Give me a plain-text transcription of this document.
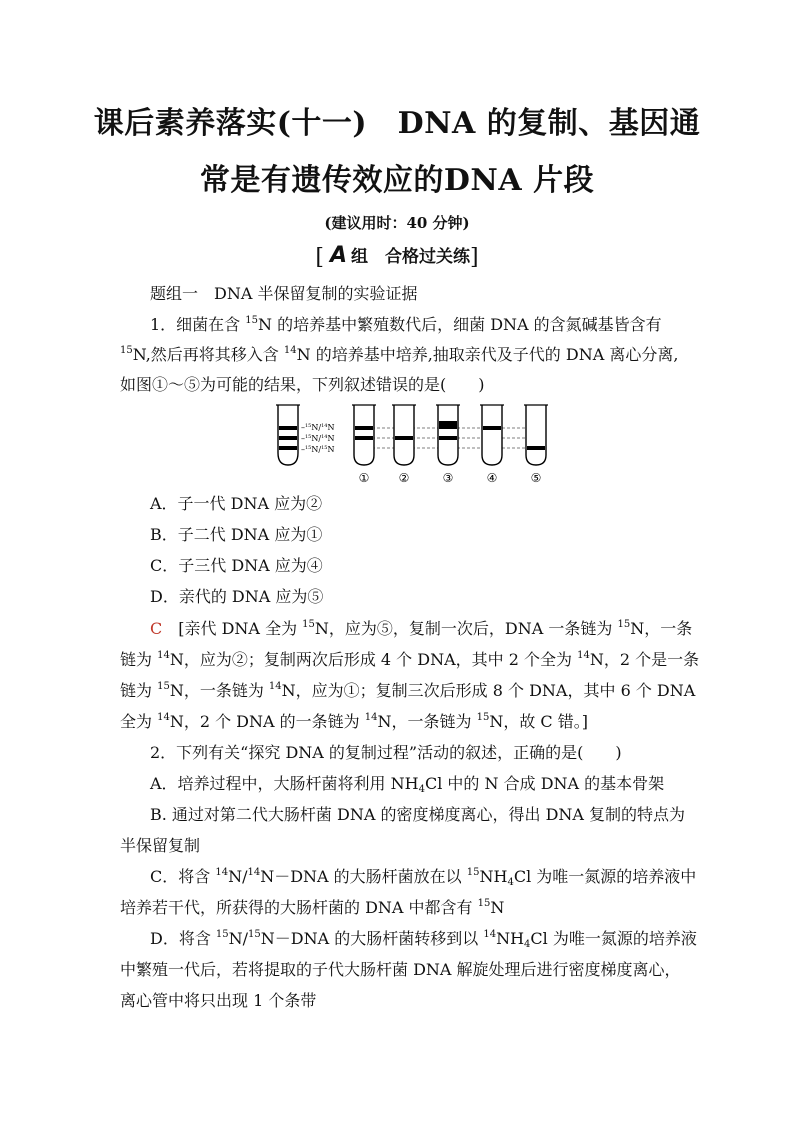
课后素养落实(十一)　DNA 的复制、基因通
常是有遗传效应的DNA 片段
(建议用时：40 分钟)
[ A 组　合格过关练]
题组一　DNA 半保留复制的实验证据
1．细菌在含 $^{15}$N 的培养基中繁殖数代后，细菌 DNA 的含氮碱基皆含有
$^{15}$N,然后再将其移入含 $^{14}$N 的培养基中培养,抽取亲代及子代的 DNA 离心分离,
如图①～⑤为可能的结果，下列叙述错误的是(　　)
–$^{15}$N/$^{14}$N
–$^{15}$N/$^{14}$N
–$^{15}$N/$^{15}$N
① ②	③	④	⑤
A．子一代 DNA 应为②
B．子二代 DNA 应为①
C．子三代 DNA 应为④
D．亲代的 DNA 应为⑤
C　 [亲代 DNA 全为 $^{15}$N，应为⑤，复制一次后，DNA 一条链为 $^{15}$N，一条
链为 $^{14}$N，应为②；复制两次后形成 4 个 DNA，其中 2 个全为 $^{14}$N，2 个是一条
链为 $^{15}$N，一条链为 $^{14}$N，应为①；复制三次后形成 8 个 DNA，其中 6 个 DNA
全为 $^{14}$N，2 个 DNA 的一条链为 $^{14}$N，一条链为 $^{15}$N，故 C 错。]
2．下列有关“探究 DNA 的复制过程”活动的叙述，正确的是(　　)
A．培养过程中，大肠杆菌将利用 $NH_4Cl$ 中的 N 合成 DNA 的基本骨架
B. 通过对第二代大肠杆菌 DNA 的密度梯度离心，得出 DNA 复制的特点为
半保留复制
C．将含 $^{14}$N/$^{14}$N－DNA 的大肠杆菌放在以 $^{15}NH_4Cl$ 为唯一氮源的培养液中
培养若干代，所获得的大肠杆菌的 DNA 中都含有 $^{15}$N
D．将含 $^{15}$N/$^{15}$N－DNA 的大肠杆菌转移到以 $^{14}NH_4Cl$ 为唯一氮源的培养液
中繁殖一代后，若将提取的子代大肠杆菌 DNA 解旋处理后进行密度梯度离心，
离心管中将只出现 1 个条带
